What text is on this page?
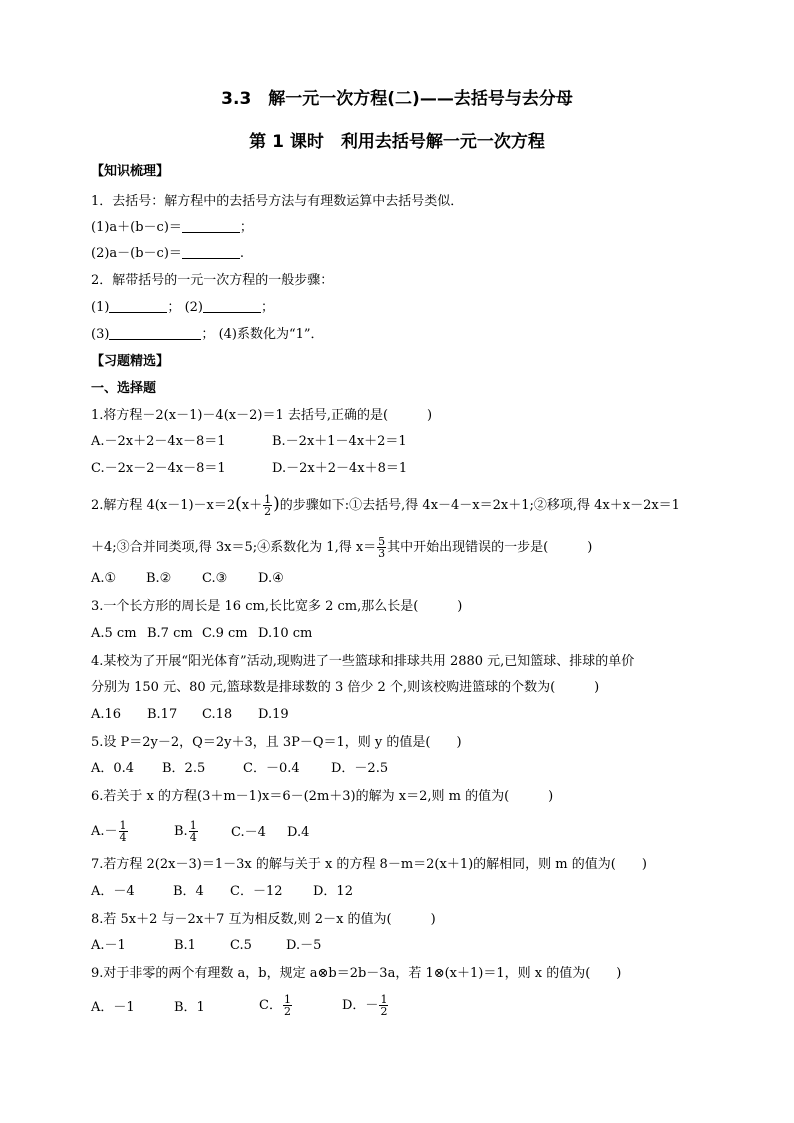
3.3　解一元一次方程(二)——去括号与去分母
第 1 课时　利用去括号解一元一次方程
【知识梳理】
1．去括号：解方程中的去括号方法与有理数运算中去括号类似．
(1)a＋(b－c)＝	；
(2)a－(b－c)＝	.
2．解带括号的一元一次方程的一般步骤：
(1)	； (2)	；
(3)	； (4)系数化为“1”．
【习题精选】
一、选择题
1.将方程－2(x－1)－4(x－2)＝1 去括号,正确的是(　　　)
A.－2x＋2－4x－8＝1	B.－2x＋1－4x＋2＝1
C.－2x－2－4x－8＝1	D.－2x＋2－4x＋8＝1
2.解方程 $4(x-1)-x=2(x+ \frac{1}{2}$ )的步骤如下:①去括号,得 4x－4－x＝2x＋1;②移项,得 4x＋x－2x＝1
＋4;③合并同类项,得 3x＝5;④系数化为 1,得 $x= \frac{5}{3}$ 其中开始出现错误的一步是(　　　)
A.① B.② C.③ D.④
3.一个长方形的周长是 16 cm,长比宽多 2 cm,那么长是(　　　)
A.5 cm B.7 cm C.9 cm D.10 cm
4.某校为了开展“阳光体育”活动,现购进了一些篮球和排球共用 2880 元,已知篮球、排球的单价
分别为 150 元、80 元,篮球数是排球数的 3 倍少 2 个,则该校购进篮球的个数为(　　　)
A.16 B.17 C.18 D.19
5.设 P＝2y－2，Q＝2y＋3，且 3P－Q＝1，则 y 的值是(　　)
A．0.4 B．2.5	C．－0.4 D．－2.5
6.若关于 x 的方程(3＋m－1)x＝6－(2m＋3)的解为 x＝2,则 m 的值为(　　　)
$A.- \frac{1}{4}$	B. $\frac{1}{4}$	C.－4 D.4
7.若方程 2(2x－3)＝1－3x 的解与关于 x 的方程 8－m＝2(x＋1)的解相同，则 m 的值为(　　)
A．－4	B．4 C．－12 D．12
8.若 5x＋2 与－2x＋7 互为相反数,则 2－x 的值为(　　　)
A.－1	B.1	C.5	D.－5
9.对于非零的两个有理数 a，b，规定 a⊗b＝2b－3a，若 1⊗(x＋1)＝1，则 x 的值为(　　)
A．－1	B．1	C． $\frac{1}{2}$	D．－ $\frac{1}{2}$
